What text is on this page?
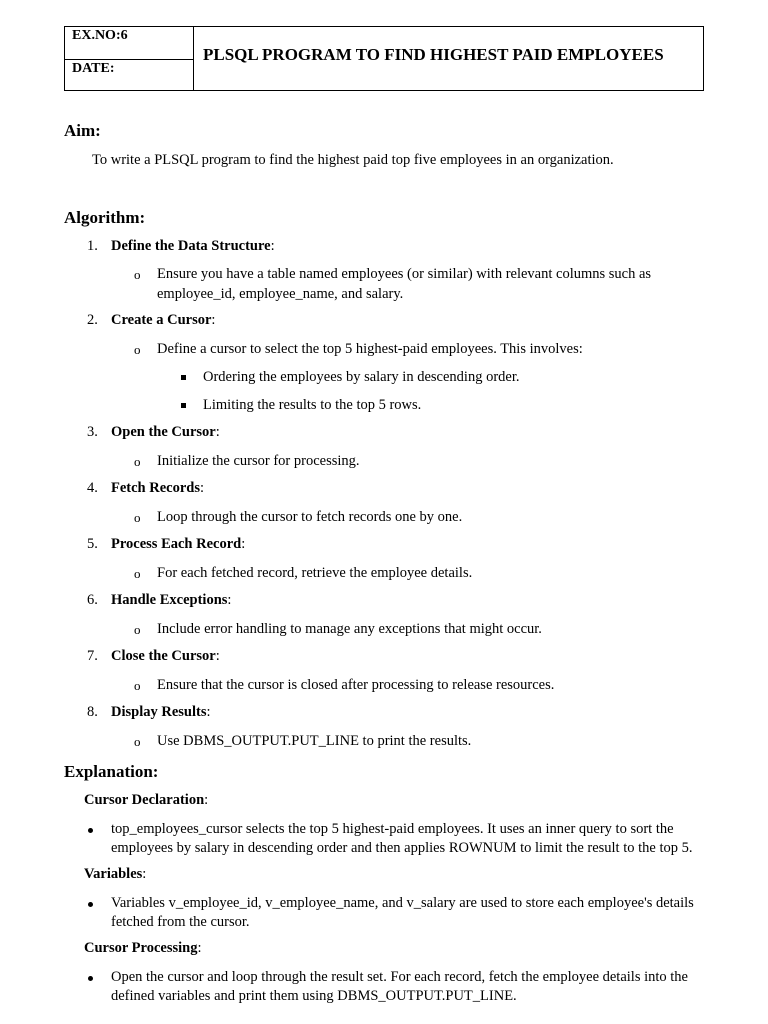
EX.NO:6
DATE:
PLSQL PROGRAM TO FIND HIGHEST PAID EMPLOYEES
Aim:
To write a PLSQL program to find the highest paid top five employees in an organization.
Algorithm:
1. Define the Data Structure:
o Ensure you have a table named employees (or similar) with relevant columns such as
employee_id, employee_name, and salary.
2. Create a Cursor:
o Define a cursor to select the top 5 highest-paid employees. This involves:
Ordering the employees by salary in descending order.
Limiting the results to the top 5 rows.
3. Open the Cursor:
o Initialize the cursor for processing.
4. Fetch Records:
o Loop through the cursor to fetch records one by one.
5. Process Each Record:
o For each fetched record, retrieve the employee details.
6. Handle Exceptions:
o Include error handling to manage any exceptions that might occur.
7. Close the Cursor:
o Ensure that the cursor is closed after processing to release resources.
8. Display Results:
o Use DBMS_OUTPUT.PUT_LINE to print the results.
Explanation:
Cursor Declaration:
top_employees_cursor selects the top 5 highest-paid employees. It uses an inner query to sort the
employees by salary in descending order and then applies ROWNUM to limit the result to the top 5.
Variables:
Variables v_employee_id, v_employee_name, and v_salary are used to store each employee's details
fetched from the cursor.
Cursor Processing:
Open the cursor and loop through the result set. For each record, fetch the employee details into the
defined variables and print them using DBMS_OUTPUT.PUT_LINE.
